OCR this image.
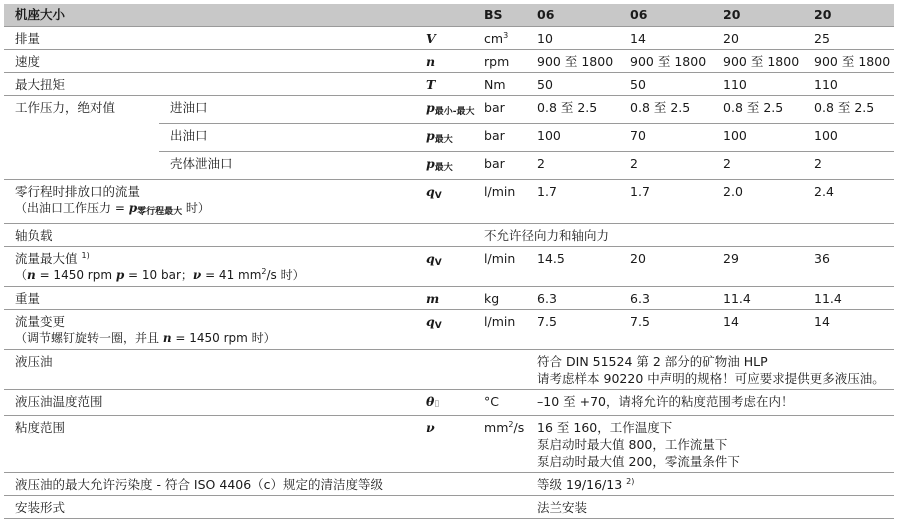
机座大小			BS	06	06	20	20
排量		V	$cm^3$	10	14	20	25
速度		n	rpm	900 至 1800	900 至 1800	900 至 1800	900 至 1800
最大扭矩		T	Nm	50	50	110	110
工作压力，绝对值	进油口	p最小-最大	bar	0.8 至 2.5	0.8 至 2.5	0.8 至 2.5	0.8 至 2.5
	出油口	p最大	bar	100	70	100	100
	壳体泄油口	p最大	bar	2	2	2	2

零行程时排放口的流量
（出油口工作压力 = p零行程最大 时）		qV	l/min	1.7	1.7	2.0	2.4
轴负载			不允许径向力和轴向力				

流量最大值 $^{1)}$
（n = 1450 rpm p = 10 bar；ν = 41 $mm^2/s$ 时）		qV	l/min	14.5	20	29	36
重量		m	kg	6.3	6.3	11.4	11.4

流量变更
（调节螺钉旋转一圈，并且 n = 1450 rpm 时）		qV	l/min	7.5	7.5	14	14
液压油				符合 DIN 51524 第 2 部分的矿物油 HLP
请考虑样本 90220 中声明的规格！可应要求提供更多液压油。			

液压油温度范围		θ▯	°C	–10 至 +70，请将允许的粘度范围考虑在内！			
粘度范围		ν	$mm^2/s$	16 至 160，工作温度下
泵启动时最大值 800，工作流量下
泵启动时最大值 200，零流量条件下			

液压油的最大允许污染度 - 符合 ISO 4406（c）规定的清洁度等级				等级 19/16/13 $^{2)}$
安装形式				法兰安装			
